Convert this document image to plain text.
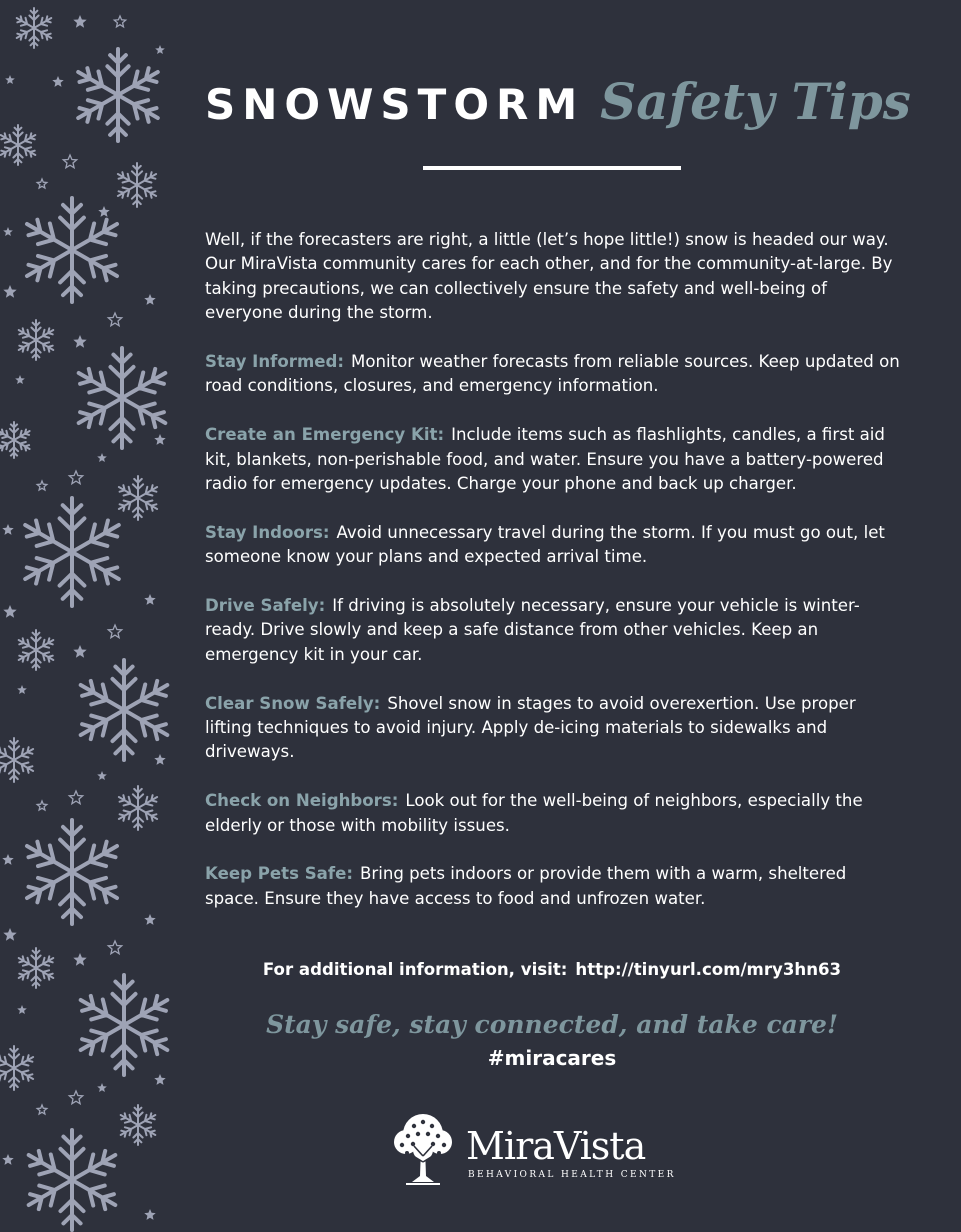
SNOWSTORM Safety Tips

Well, if the forecasters are right, a little (let’s hope little!) snow is headed our way. Our MiraVista community cares for each other, and for the community-at-large. By taking precautions, we can collectively ensure the safety and well-being of everyone during the storm.

Stay Informed: Monitor weather forecasts from reliable sources. Keep updated on road conditions, closures, and emergency information.

Create an Emergency Kit: Include items such as flashlights, candles, a first aid kit, blankets, non-perishable food, and water. Ensure you have a battery-powered radio for emergency updates. Charge your phone and back up charger.

Stay Indoors: Avoid unnecessary travel during the storm. If you must go out, let someone know your plans and expected arrival time.

Drive Safely: If driving is absolutely necessary, ensure your vehicle is winter-ready. Drive slowly and keep a safe distance from other vehicles. Keep an emergency kit in your car.

Clear Snow Safely: Shovel snow in stages to avoid overexertion. Use proper lifting techniques to avoid injury. Apply de-icing materials to sidewalks and driveways.

Check on Neighbors: Look out for the well-being of neighbors, especially the elderly or those with mobility issues.

Keep Pets Safe: Bring pets indoors or provide them with a warm, sheltered space. Ensure they have access to food and unfrozen water.

For additional information, visit: http://tinyurl.com/mry3hn63
Stay safe, stay connected, and take care!
#miracares
MiraVista
BEHAVIORAL HEALTH CENTER
